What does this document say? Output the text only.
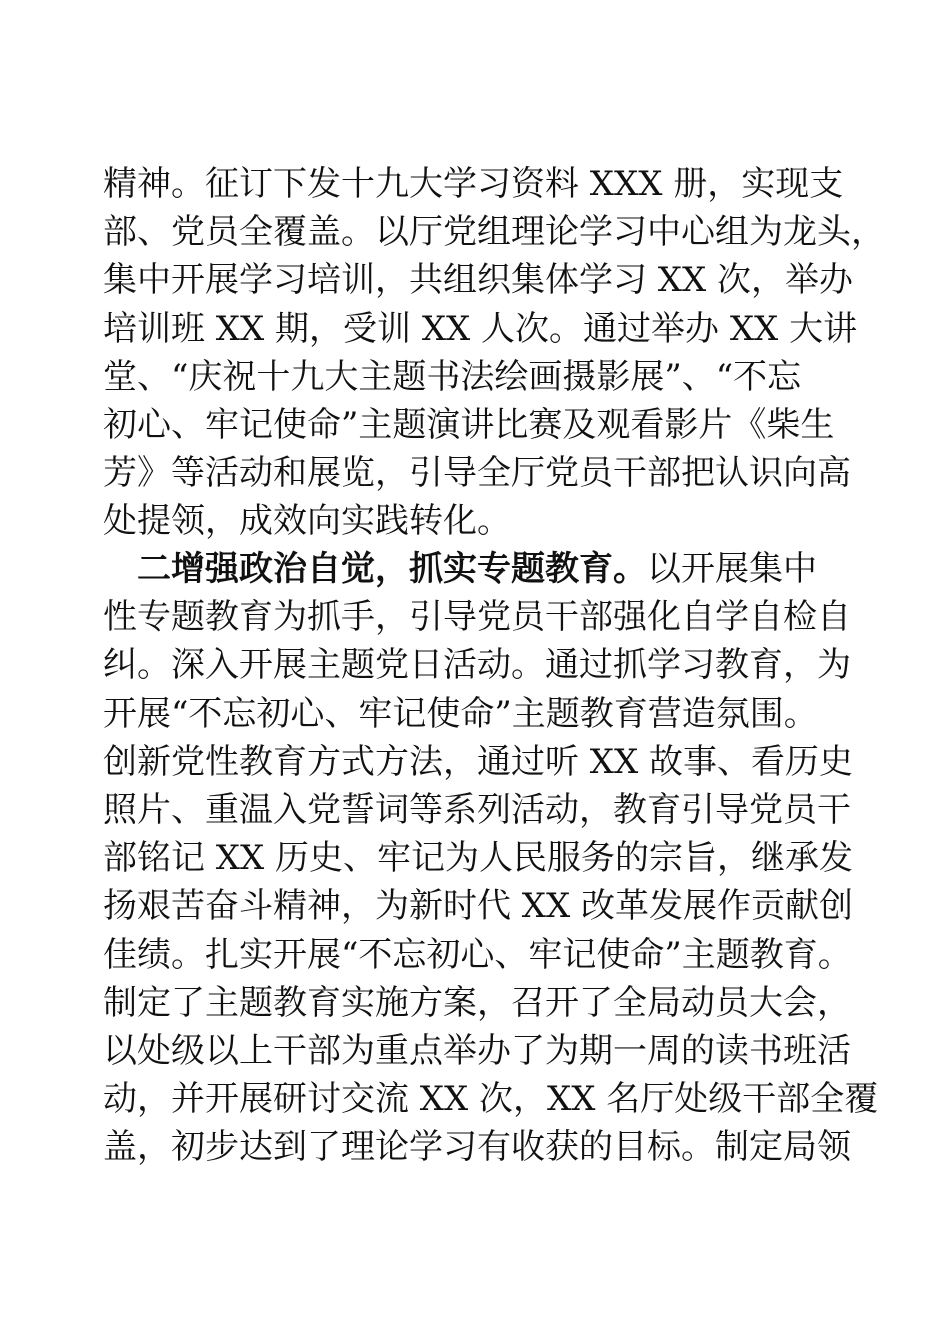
精神。征订下发十九大学习资料 XXX 册，实现支
部、党员全覆盖。以厅党组理论学习中心组为龙头，
集中开展学习培训，共组织集体学习 XX 次，举办
培训班 XX 期，受训 XX 人次。通过举办 XX 大讲
堂、“庆祝十九大主题书法绘画摄影展”、“不忘
初心、牢记使命”主题演讲比赛及观看影片《柴生
芳》等活动和展览，引导全厅党员干部把认识向高
处提领，成效向实践转化。
二增强政治自觉，抓实专题教育。以开展集中
性专题教育为抓手，引导党员干部强化自学自检自
纠。深入开展主题党日活动。通过抓学习教育，为
开展“不忘初心、牢记使命”主题教育营造氛围。
创新党性教育方式方法，通过听 XX 故事、看历史
照片、重温入党誓词等系列活动，教育引导党员干
部铭记 XX 历史、牢记为人民服务的宗旨，继承发
扬艰苦奋斗精神，为新时代 XX 改革发展作贡献创
佳绩。扎实开展“不忘初心、牢记使命”主题教育。
制定了主题教育实施方案，召开了全局动员大会，
以处级以上干部为重点举办了为期一周的读书班活
动，并开展研讨交流 XX 次，XX 名厅处级干部全覆
盖，初步达到了理论学习有收获的目标。制定局领
